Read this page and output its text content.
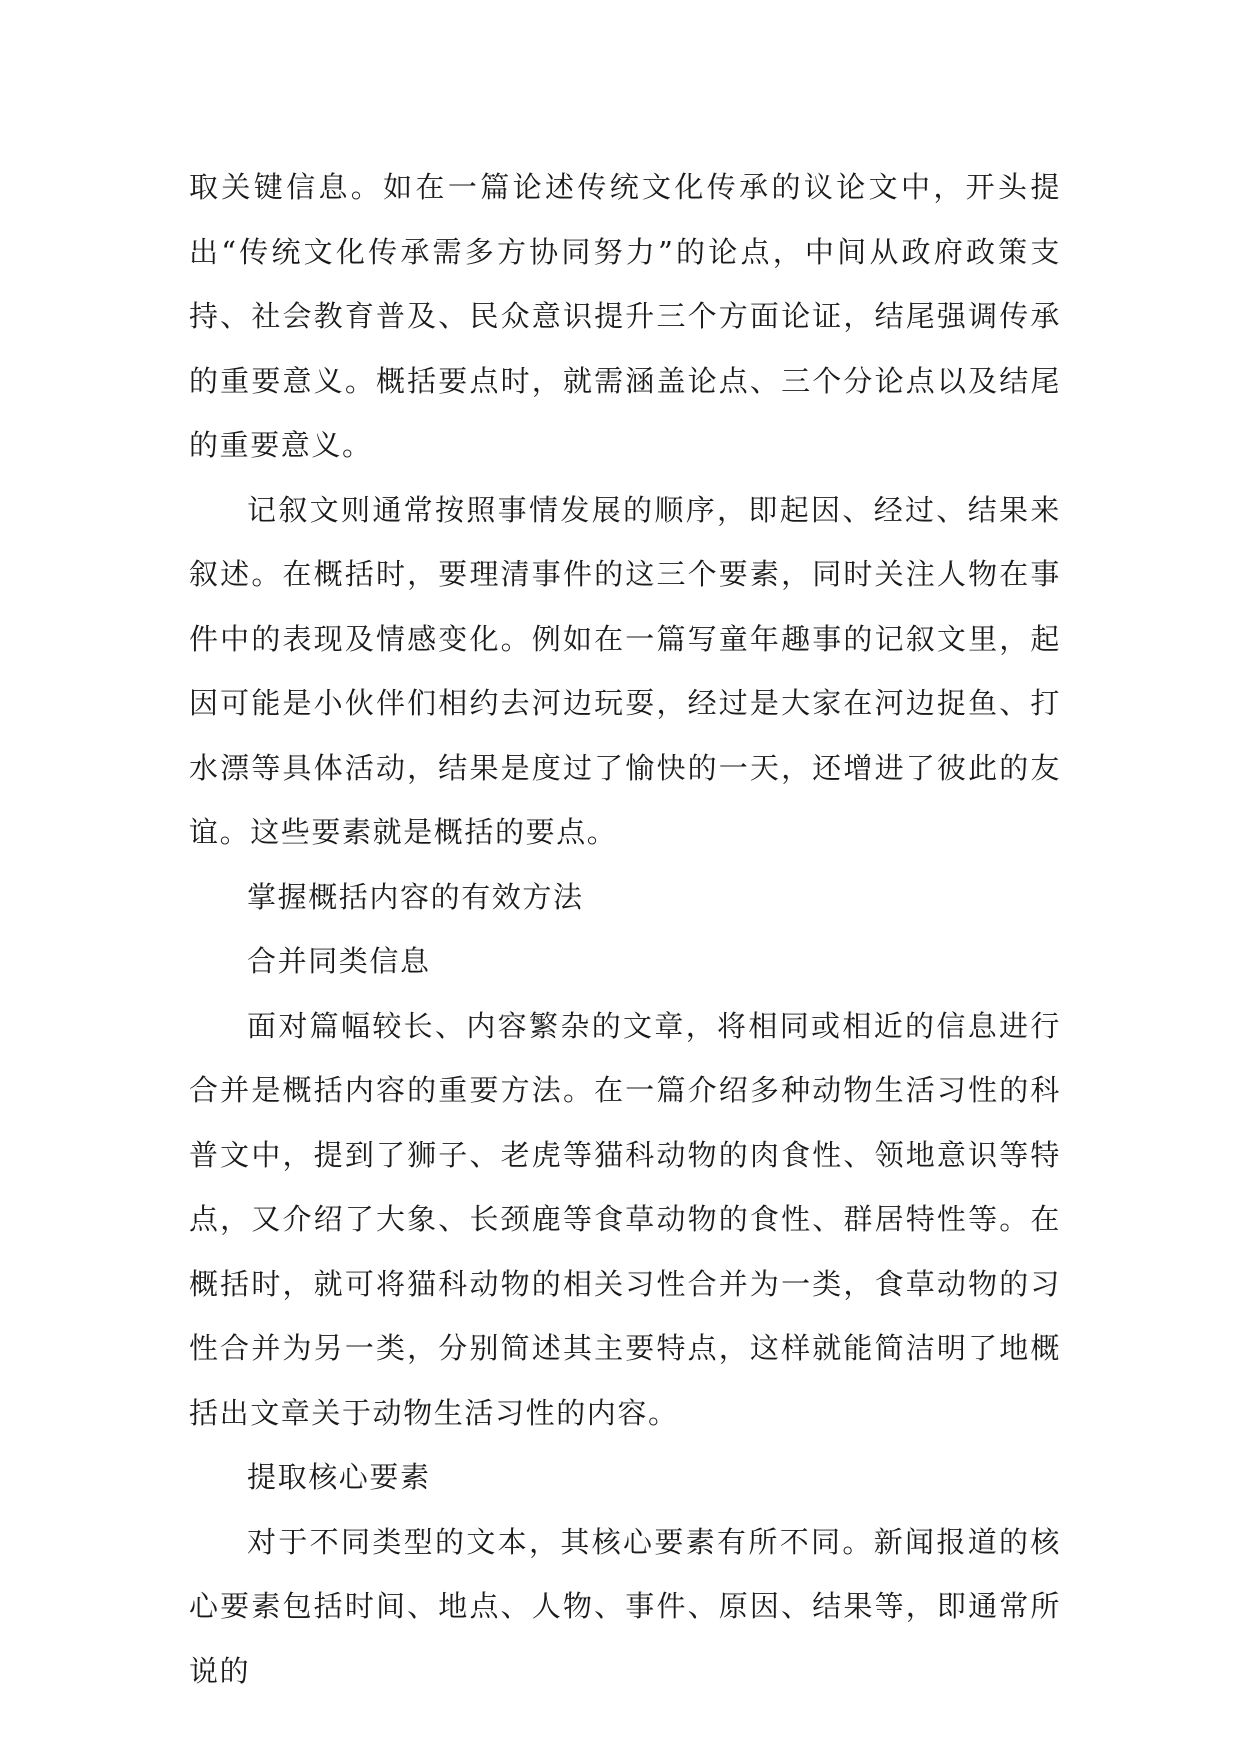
取关键信息。如在一篇论述传统文化传承的议论文中，开头提出“传统文化传承需多方协同努力”的论点，中间从政府政策支持、社会教育普及、民众意识提升三个方面论证，结尾强调传承的重要意义。概括要点时，就需涵盖论点、三个分论点以及结尾的重要意义。

记叙文则通常按照事情发展的顺序，即起因、经过、结果来叙述。在概括时，要理清事件的这三个要素，同时关注人物在事件中的表现及情感变化。例如在一篇写童年趣事的记叙文里，起因可能是小伙伴们相约去河边玩耍，经过是大家在河边捉鱼、打水漂等具体活动，结果是度过了愉快的一天，还增进了彼此的友谊。这些要素就是概括的要点。

掌握概括内容的有效方法

合并同类信息

面对篇幅较长、内容繁杂的文章，将相同或相近的信息进行合并是概括内容的重要方法。在一篇介绍多种动物生活习性的科普文中，提到了狮子、老虎等猫科动物的肉食性、领地意识等特点，又介绍了大象、长颈鹿等食草动物的食性、群居特性等。在概括时，就可将猫科动物的相关习性合并为一类，食草动物的习性合并为另一类，分别简述其主要特点，这样就能简洁明了地概括出文章关于动物生活习性的内容。

提取核心要素

对于不同类型的文本，其核心要素有所不同。新闻报道的核心要素包括时间、地点、人物、事件、原因、结果等，即通常所说的
